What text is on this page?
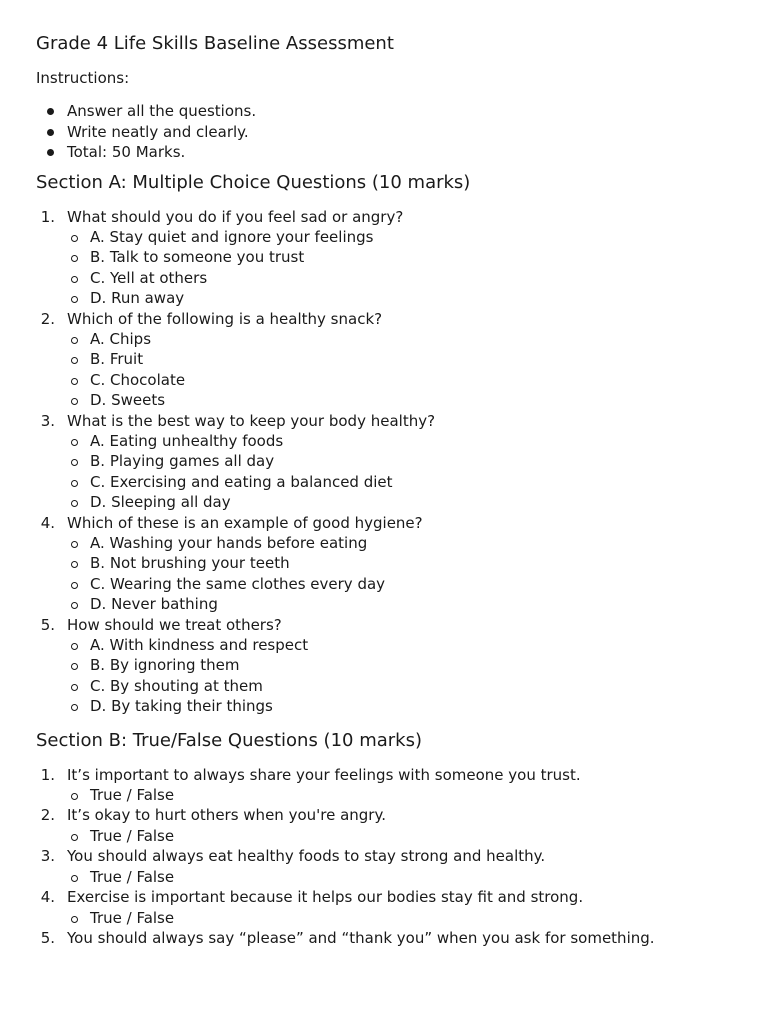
Grade 4 Life Skills Baseline Assessment
Instructions:
Answer all the questions.
Write neatly and clearly.
Total: 50 Marks.
Section A: Multiple Choice Questions (10 marks)
1. What should you do if you feel sad or angry?
A. Stay quiet and ignore your feelings
B. Talk to someone you trust
C. Yell at others
D. Run away
2. Which of the following is a healthy snack?
A. Chips
B. Fruit
C. Chocolate
D. Sweets
3. What is the best way to keep your body healthy?
A. Eating unhealthy foods
B. Playing games all day
C. Exercising and eating a balanced diet
D. Sleeping all day
4. Which of these is an example of good hygiene?
A. Washing your hands before eating
B. Not brushing your teeth
C. Wearing the same clothes every day
D. Never bathing
5. How should we treat others?
A. With kindness and respect
B. By ignoring them
C. By shouting at them
D. By taking their things
Section B: True/False Questions (10 marks)
1. It’s important to always share your feelings with someone you trust.
True / False
2. It’s okay to hurt others when you're angry.
True / False
3. You should always eat healthy foods to stay strong and healthy.
True / False
4. Exercise is important because it helps our bodies stay fit and strong.
True / False
5. You should always say “please” and “thank you” when you ask for something.
